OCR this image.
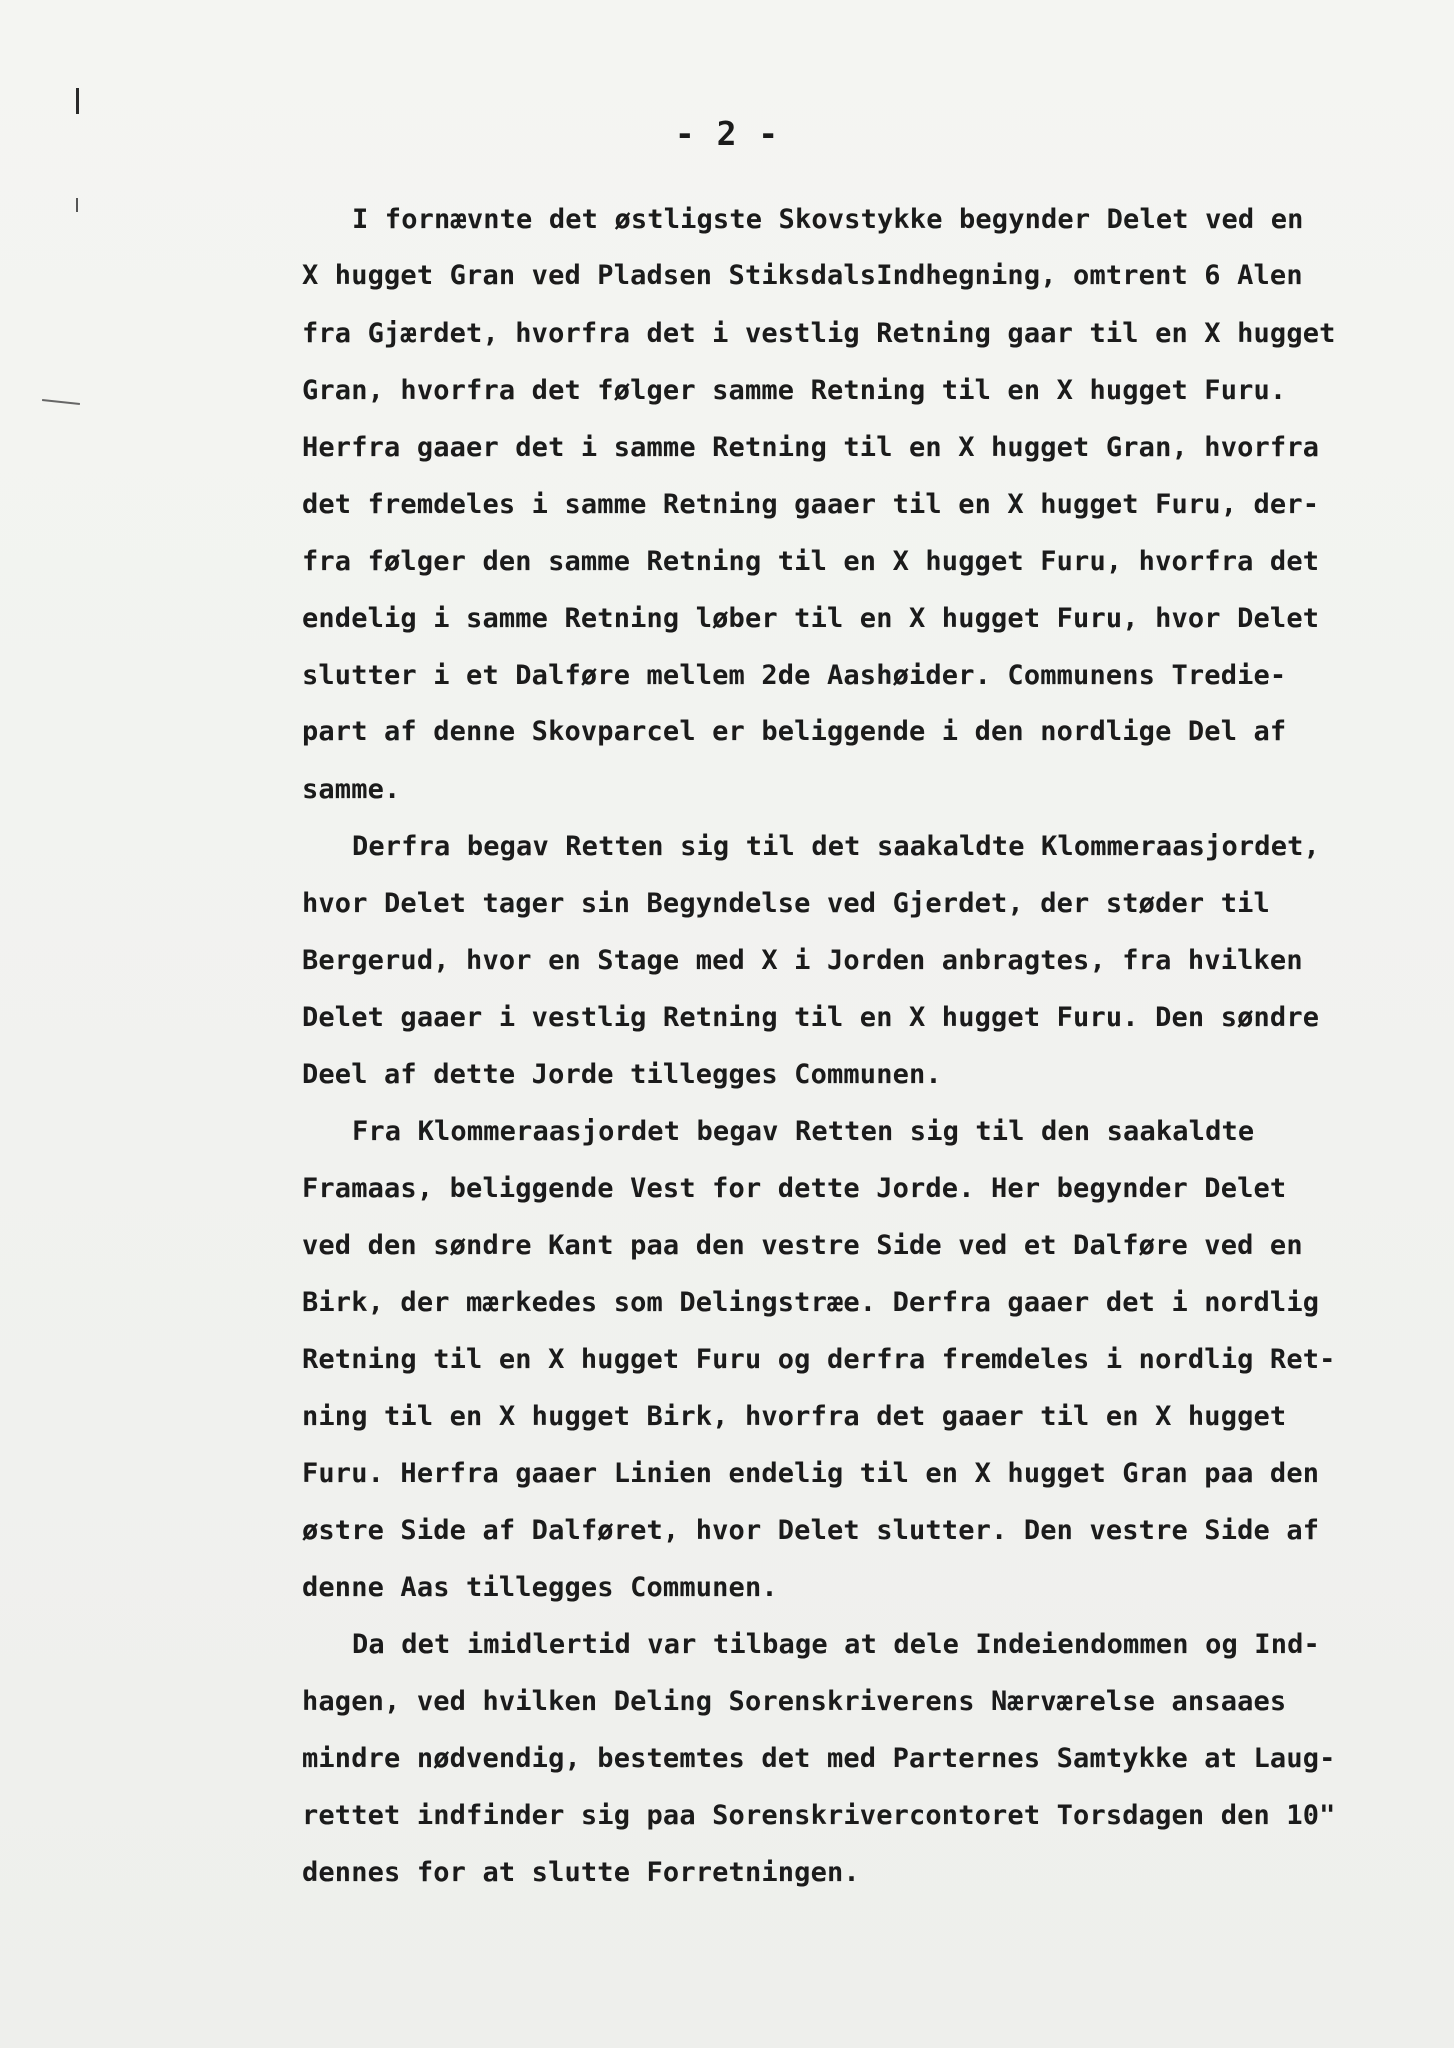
- 2 -

I fornævnte det østligste Skovstykke begynder Delet ved en

X hugget Gran ved Pladsen StiksdalsIndhegning, omtrent 6 Alen

fra Gjærdet, hvorfra det i vestlig Retning gaar til en X hugget

Gran, hvorfra det følger samme Retning til en X hugget Furu.

Herfra gaaer det i samme Retning til en X hugget Gran, hvorfra

det fremdeles i samme Retning gaaer til en X hugget Furu, der-

fra følger den samme Retning til en X hugget Furu, hvorfra det

endelig i samme Retning løber til en X hugget Furu, hvor Delet

slutter i et Dalføre mellem 2de Aashøider. Communens Tredie-

part af denne Skovparcel er beliggende i den nordlige Del af

samme.

Derfra begav Retten sig til det saakaldte Klommeraasjordet,

hvor Delet tager sin Begyndelse ved Gjerdet, der støder til

Bergerud, hvor en Stage med X i Jorden anbragtes, fra hvilken

Delet gaaer i vestlig Retning til en X hugget Furu. Den søndre

Deel af dette Jorde tillegges Communen.

Fra Klommeraasjordet begav Retten sig til den saakaldte

Framaas, beliggende Vest for dette Jorde. Her begynder Delet

ved den søndre Kant paa den vestre Side ved et Dalføre ved en

Birk, der mærkedes som Delingstræe. Derfra gaaer det i nordlig

Retning til en X hugget Furu og derfra fremdeles i nordlig Ret-

ning til en X hugget Birk, hvorfra det gaaer til en X hugget

Furu. Herfra gaaer Linien endelig til en X hugget Gran paa den

østre Side af Dalføret, hvor Delet slutter. Den vestre Side af

denne Aas tillegges Communen.

Da det imidlertid var tilbage at dele Indeiendommen og Ind-

hagen, ved hvilken Deling Sorenskriverens Nærværelse ansaaes

mindre nødvendig, bestemtes det med Parternes Samtykke at Laug-

rettet indfinder sig paa Sorenskrivercontoret Torsdagen den 10"

dennes for at slutte Forretningen.
